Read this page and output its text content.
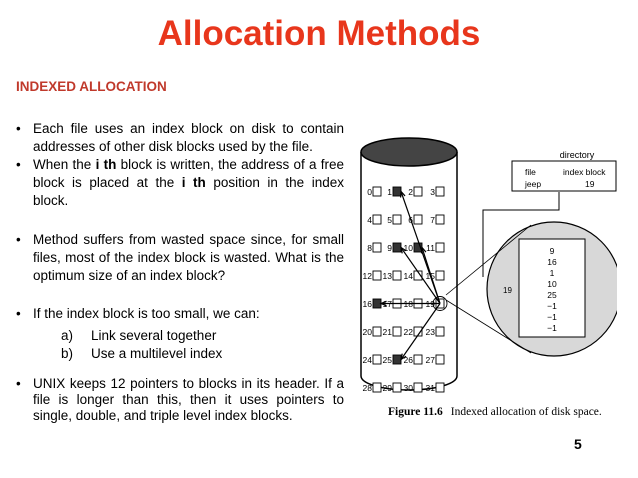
Allocation Methods
INDEXED ALLOCATION
• Each file uses an index block on disk to contain addresses of other disk blocks used by the file.
• When the i th block is written, the address of a free block is placed at the i th position in the index block.
• Method suffers from wasted space since, for small files, most of the index block is wasted. What is the optimum size of an index block?
• If the index block is too small, we can:
• UNIX keeps 12 pointers to blocks in its header. If a file is longer than this, then it uses pointers to single, double, and triple level index blocks.
a) Link several together
b) Use a multilevel index
0 1 2 3
4 5 6 7
8 9 10 11
12 13 14 15
16 17 18 19
20 21 22 23
24 25 26 27
28 29 30 31
directory
file	index block
jeep	19
9
16
1
10
25
−1
−1
−1
19
Figure 11.6 Indexed allocation of disk space.
5
